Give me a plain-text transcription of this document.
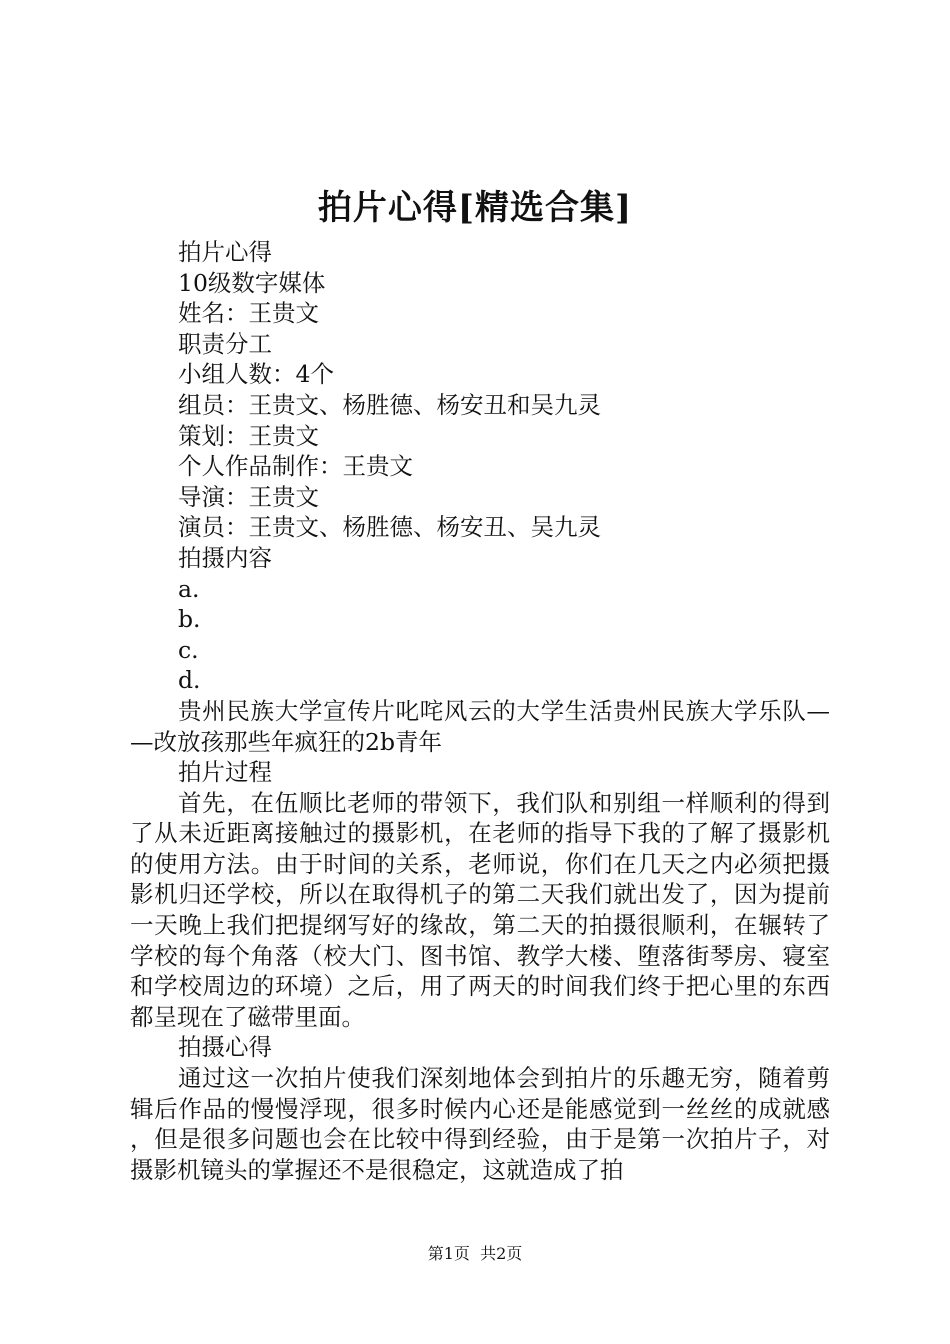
拍片心得[精选合集]

拍片心得

10级数字媒体

姓名：王贵文

职责分工

小组人数：4个

组员：王贵文、杨胜德、杨安丑和吴九灵

策划：王贵文

个人作品制作：王贵文

导演：王贵文

演员：王贵文、杨胜德、杨安丑、吴九灵

拍摄内容

a.

b.

c.

d.

贵州民族大学宣传片叱咤风云的大学生活贵州民族大学乐队——改放孩那些年疯狂的2b青年

拍片过程

首先，在伍顺比老师的带领下，我们队和别组一样顺利的得到了从未近距离接触过的摄影机，在老师的指导下我的了解了摄影机的使用方法。由于时间的关系，老师说，你们在几天之内必须把摄影机归还学校，所以在取得机子的第二天我们就出发了，因为提前一天晚上我们把提纲写好的缘故，第二天的拍摄很顺利，在辗转了学校的每个角落（校大门、图书馆、教学大楼、堕落街琴房、寝室和学校周边的环境）之后，用了两天的时间我们终于把心里的东西都呈现在了磁带里面。

拍摄心得

通过这一次拍片使我们深刻地体会到拍片的乐趣无穷，随着剪辑后作品的慢慢浮现，很多时候内心还是能感觉到一丝丝的成就感，但是很多问题也会在比较中得到经验，由于是第一次拍片子，对摄影机镜头的掌握还不是很稳定，这就造成了拍

第1页 共2页
